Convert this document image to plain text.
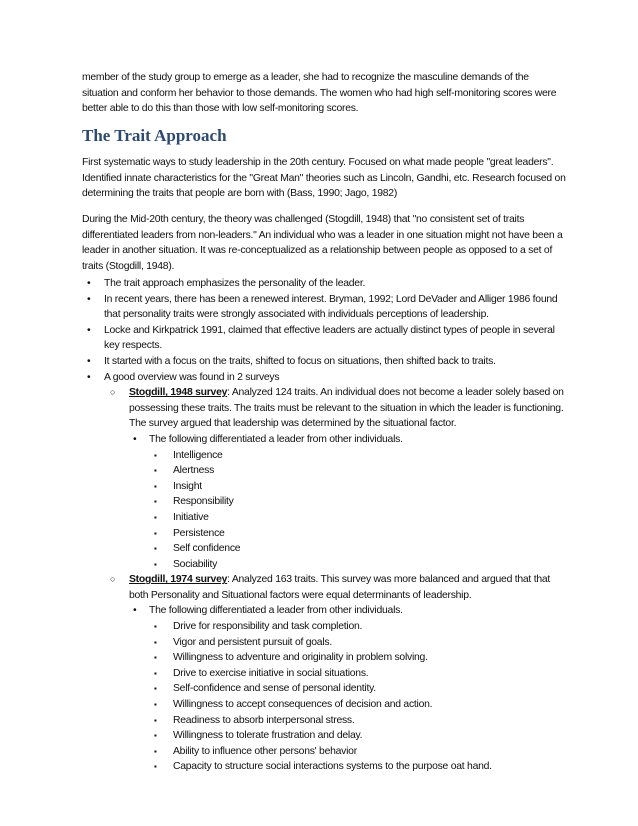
member of the study group to emerge as a leader, she had to recognize the masculine demands of the situation and conform her behavior to those demands. The women who had high self-monitoring scores were better able to do this than those with low self-monitoring scores.

The Trait Approach

First systematic ways to study leadership in the 20th century. Focused on what made people "great leaders". Identified innate characteristics for the "Great Man" theories such as Lincoln, Gandhi, etc. Research focused on determining the traits that people are born with (Bass, 1990; Jago, 1982)

During the Mid-20th century, the theory was challenged (Stogdill, 1948) that "no consistent set of traits differentiated leaders from non-leaders." An individual who was a leader in one situation might not have been a leader in another situation. It was re-conceptualized as a relationship between people as opposed to a set of traits (Stogdill, 1948).

• The trait approach emphasizes the personality of the leader.
• In recent years, there has been a renewed interest. Bryman, 1992; Lord DeVader and Alliger 1986 found that personality traits were strongly associated with individuals perceptions of leadership.
• Locke and Kirkpatrick 1991, claimed that effective leaders are actually distinct types of people in several key respects.
• It started with a focus on the traits, shifted to focus on situations, then shifted back to traits.
• A good overview was found in 2 surveys
○ Stogdill, 1948 survey: Analyzed 124 traits. An individual does not become a leader solely based on possessing these traits. The traits must be relevant to the situation in which the leader is functioning. The survey argued that leadership was determined by the situational factor.
• The following differentiated a leader from other individuals.
▪ Intelligence
▪ Alertness
▪ Insight
▪ Responsibility
▪ Initiative
▪ Persistence
▪ Self confidence
▪ Sociability
○ Stogdill, 1974 survey: Analyzed 163 traits. This survey was more balanced and argued that that both Personality and Situational factors were equal determinants of leadership.
• The following differentiated a leader from other individuals.
▪ Drive for responsibility and task completion.
▪ Vigor and persistent pursuit of goals.
▪ Willingness to adventure and originality in problem solving.
▪ Drive to exercise initiative in social situations.
▪ Self-confidence and sense of personal identity.
▪ Willingness to accept consequences of decision and action.
▪ Readiness to absorb interpersonal stress.
▪ Willingness to tolerate frustration and delay.
▪ Ability to influence other persons' behavior
▪ Capacity to structure social interactions systems to the purpose oat hand.
